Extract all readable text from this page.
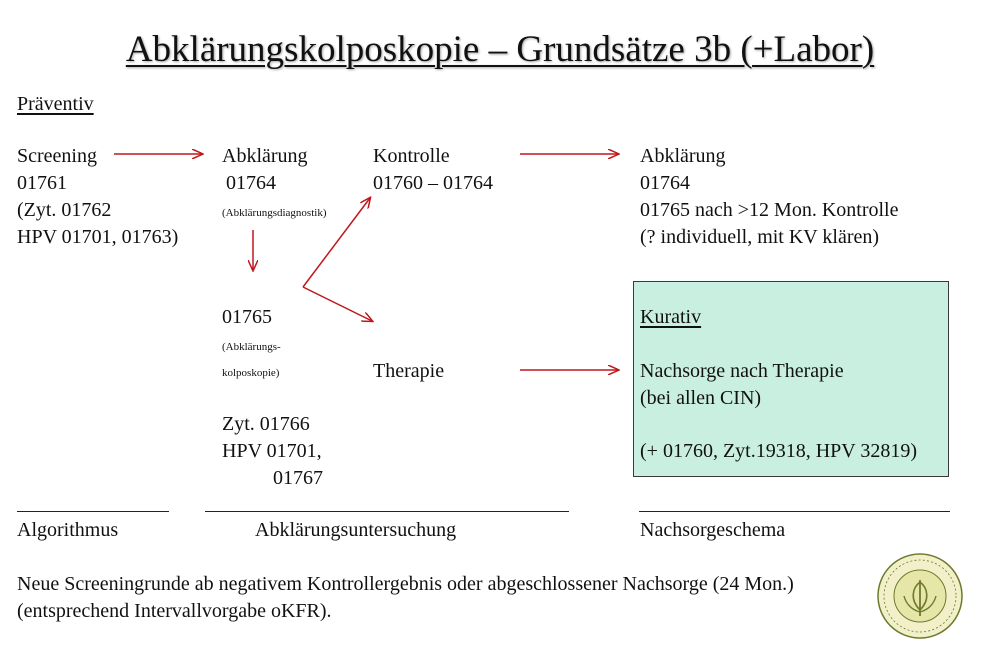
Abklärungskolposkopie – Grundsätze 3b (+Labor)
Präventiv
Screening
01761
(Zyt. 01762
HPV 01701, 01763)
Abklärung
01764
(Abklärungsdiagnostik)
01765
(Abklärungs-
kolposkopie)
Zyt. 01766
HPV 01701,
01767
Kontrolle
01760 – 01764
Therapie
Abklärung
01764
01765 nach >12 Mon. Kontrolle
(? individuell, mit KV klären)
Kurativ
Nachsorge nach Therapie
(bei allen CIN)
(+ 01760, Zyt.19318, HPV 32819)
Algorithmus	Abklärungsuntersuchung	Nachsorgeschema
Neue Screeningrunde ab negativem Kontrollergebnis oder abgeschlossener Nachsorge (24 Mon.)
(entsprechend Intervallvorgabe oKFR).
